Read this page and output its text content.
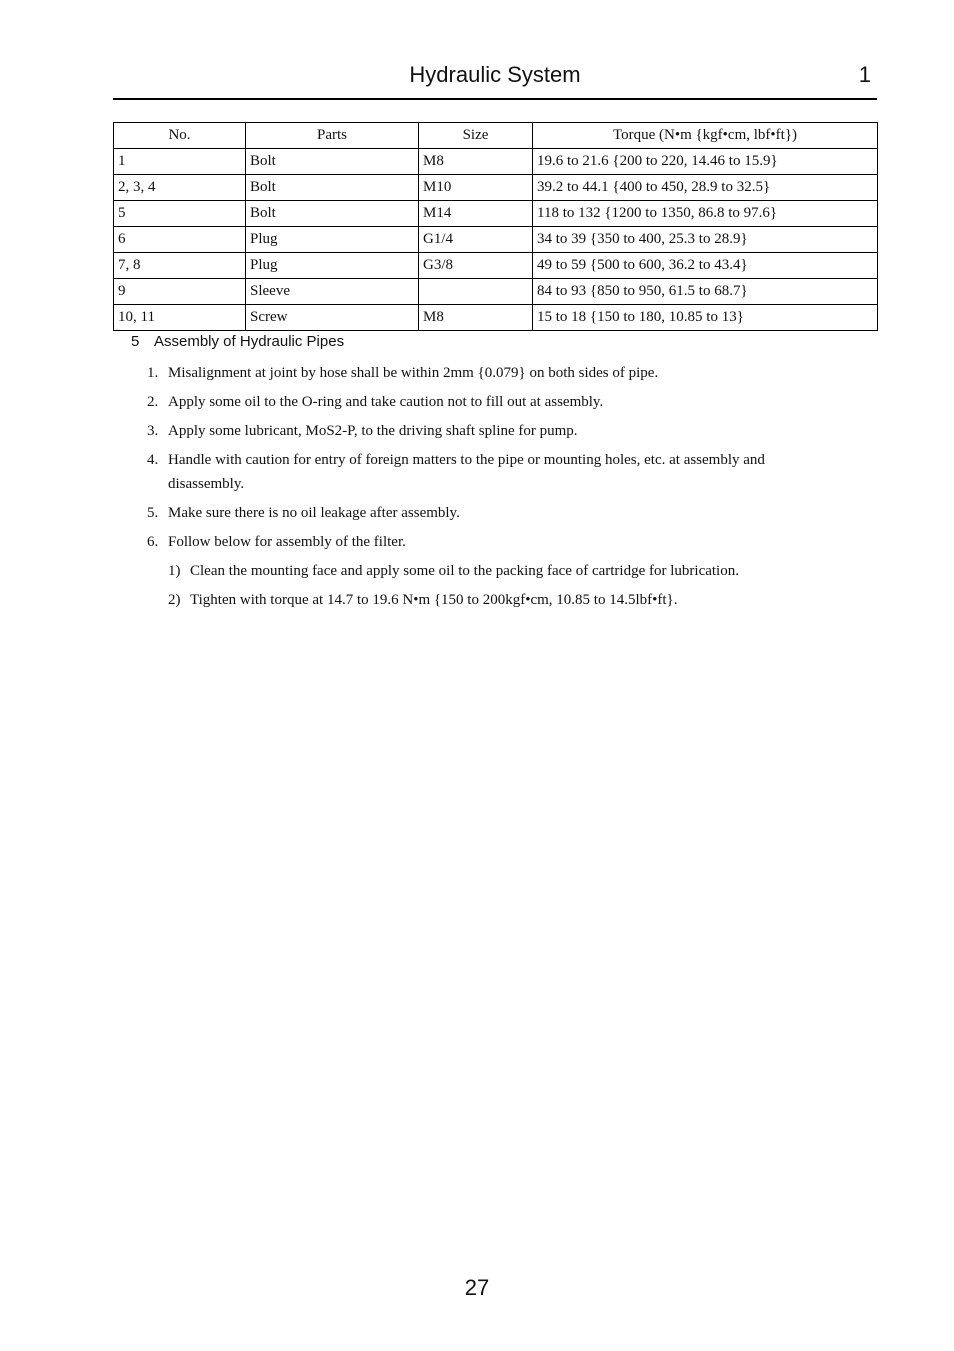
Hydraulic System	1
No.	Parts	Size	Torque (N•m {kgf•cm, lbf•ft})
1	Bolt	M8	19.6 to 21.6 {200 to 220, 14.46 to 15.9}
2, 3, 4	Bolt	M10	39.2 to 44.1 {400 to 450, 28.9 to 32.5}
5	Bolt	M14	118 to 132 {1200 to 1350, 86.8 to 97.6}
6	Plug	G1/4	34 to 39 {350 to 400, 25.3 to 28.9}
7, 8	Plug	G3/8	49 to 59 {500 to 600, 36.2 to 43.4}
9	Sleeve		84 to 93 {850 to 950, 61.5 to 68.7}
10, 11	Screw	M8	15 to 18 {150 to 180, 10.85 to 13}
5 Assembly of Hydraulic Pipes
1. Misalignment at joint by hose shall be within 2mm {0.079} on both sides of pipe.
2. Apply some oil to the O-ring and take caution not to fill out at assembly.
3. Apply some lubricant, MoS2-P, to the driving shaft spline for pump.
4. Handle with caution for entry of foreign matters to the pipe or mounting holes, etc. at assembly and disassembly.
5. Make sure there is no oil leakage after assembly.
6. Follow below for assembly of the filter.
1) Clean the mounting face and apply some oil to the packing face of cartridge for lubrication.
2) Tighten with torque at 14.7 to 19.6 N•m {150 to 200kgf•cm, 10.85 to 14.5lbf•ft}.
27
